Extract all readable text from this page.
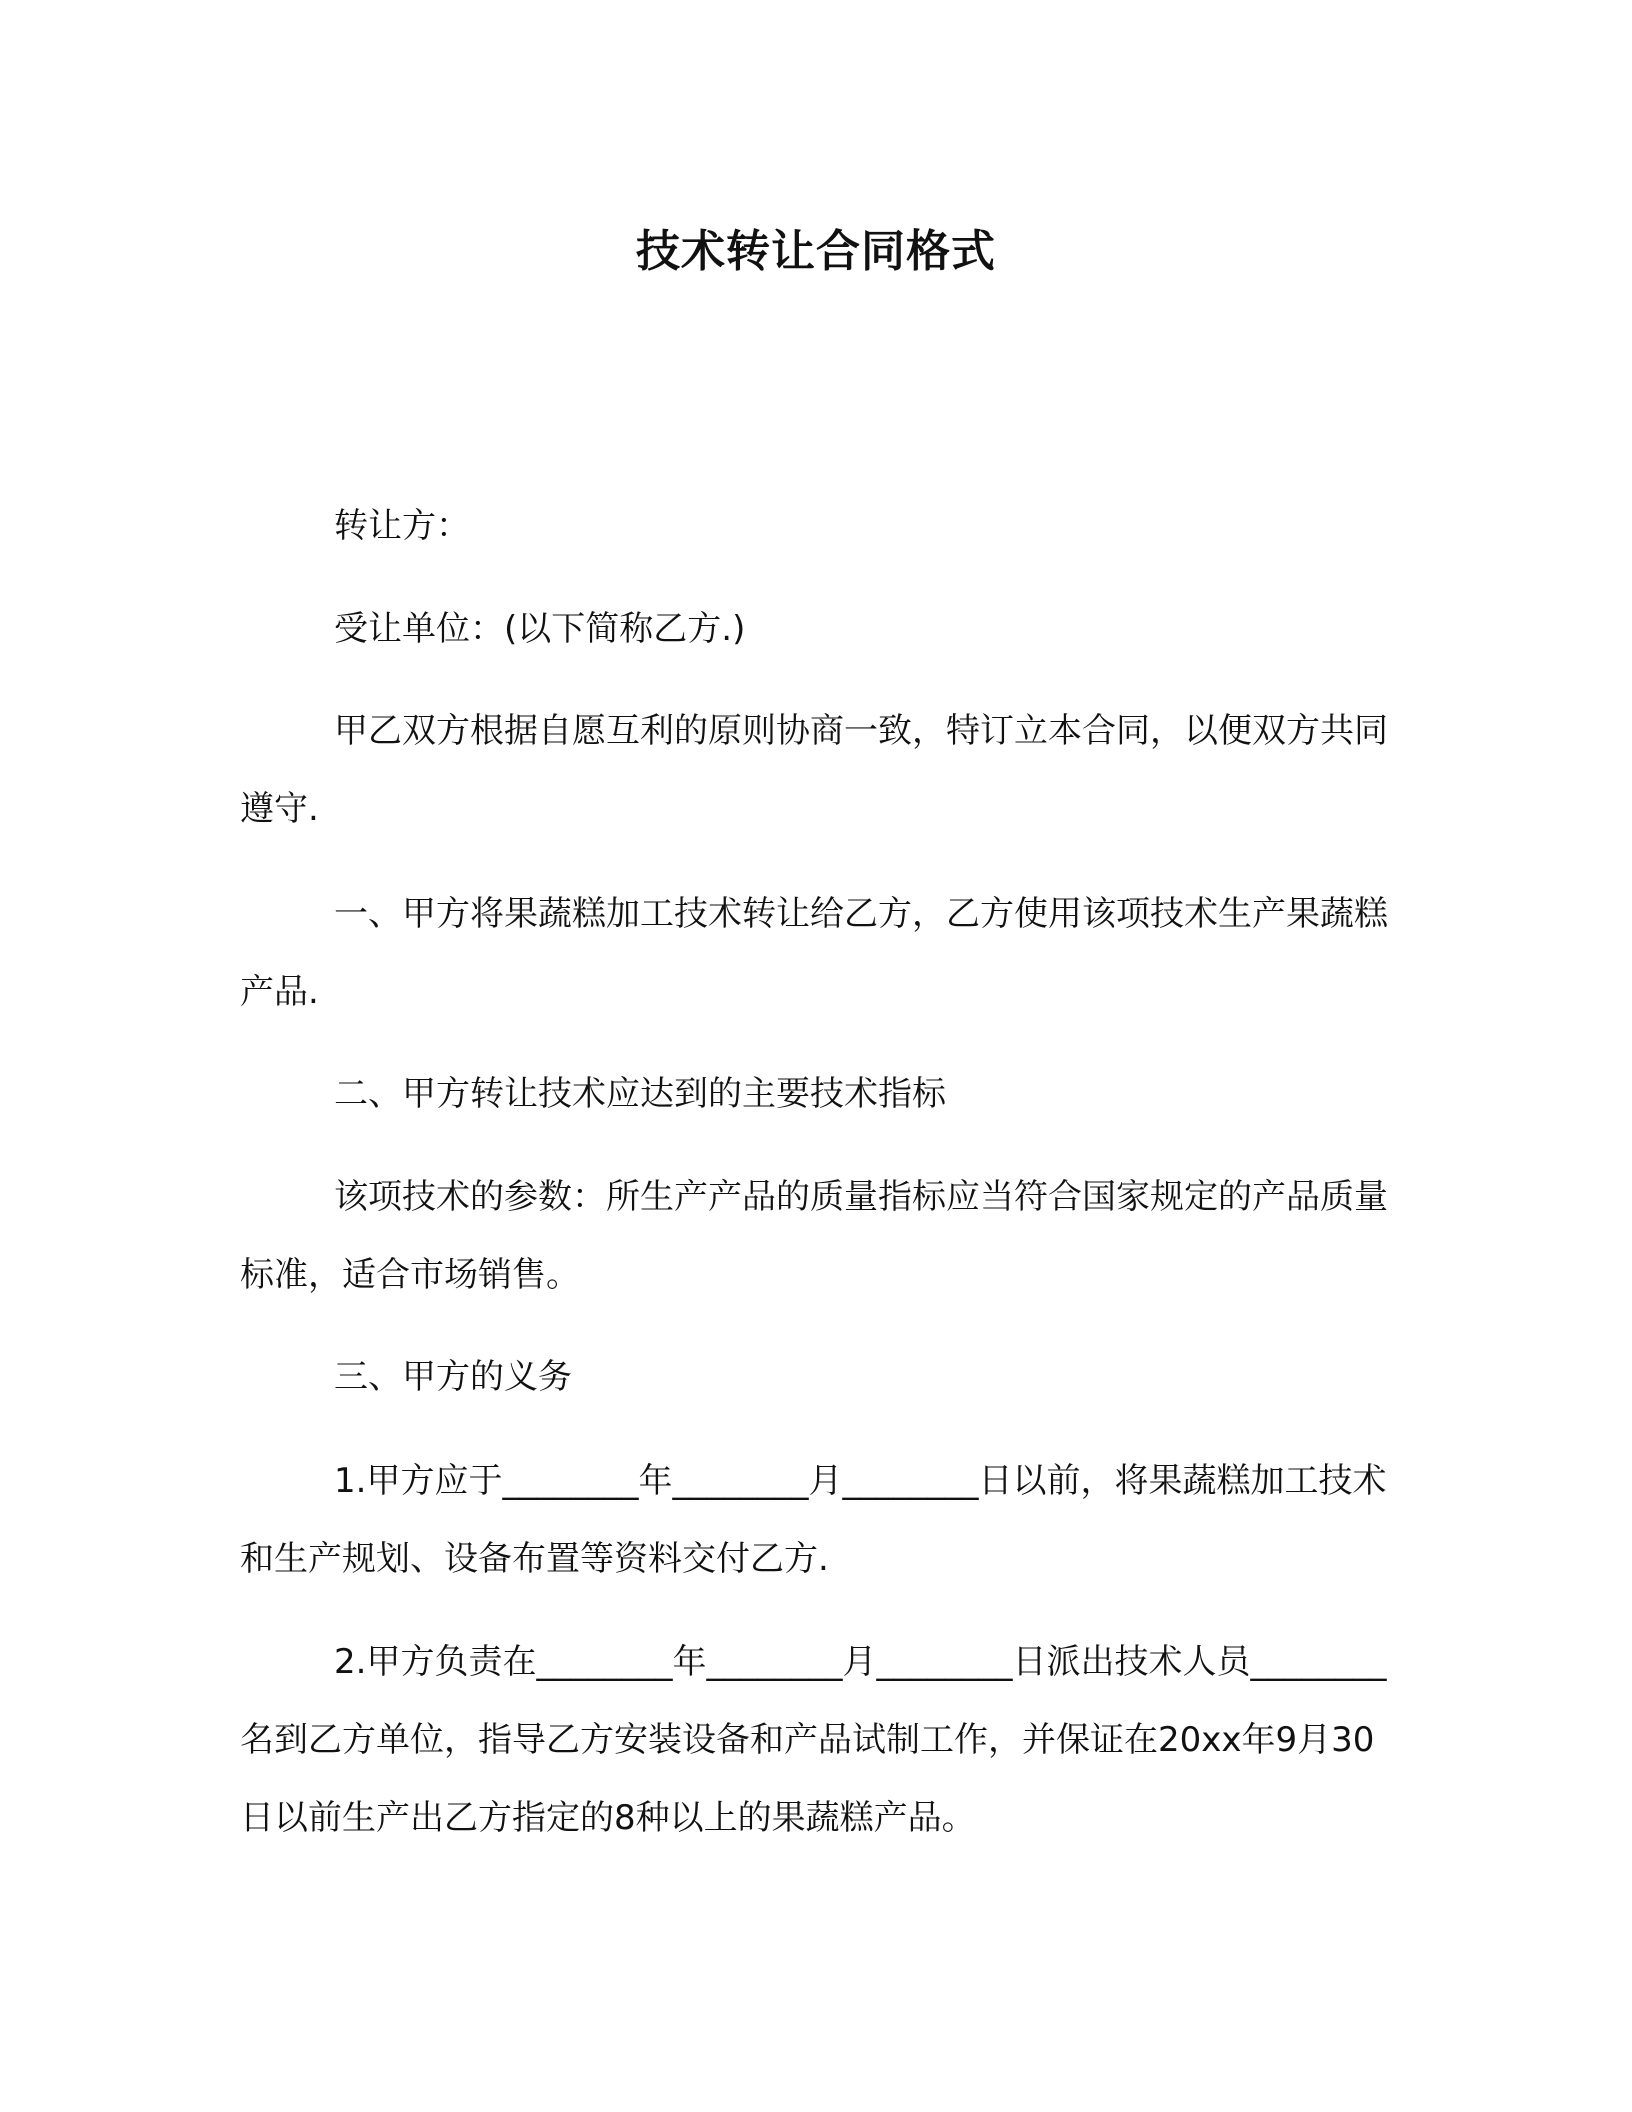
技术转让合同格式
转让方：
受让单位：(以下简称乙方.)
甲乙双方根据自愿互利的原则协商一致，特订立本合同，以便双方共同遵守.
一、甲方将果蔬糕加工技术转让给乙方，乙方使用该项技术生产果蔬糕产品.
二、甲方转让技术应达到的主要技术指标
该项技术的参数：所生产产品的质量指标应当符合国家规定的产品质量标准，适合市场销售。
三、甲方的义务
1.甲方应于________年________月________日以前，将果蔬糕加工技术和生产规划、设备布置等资料交付乙方.
2.甲方负责在________年________月________日派出技术人员________名到乙方单位，指导乙方安装设备和产品试制工作，并保证在20xx年9月30日以前生产出乙方指定的8种以上的果蔬糕产品。
